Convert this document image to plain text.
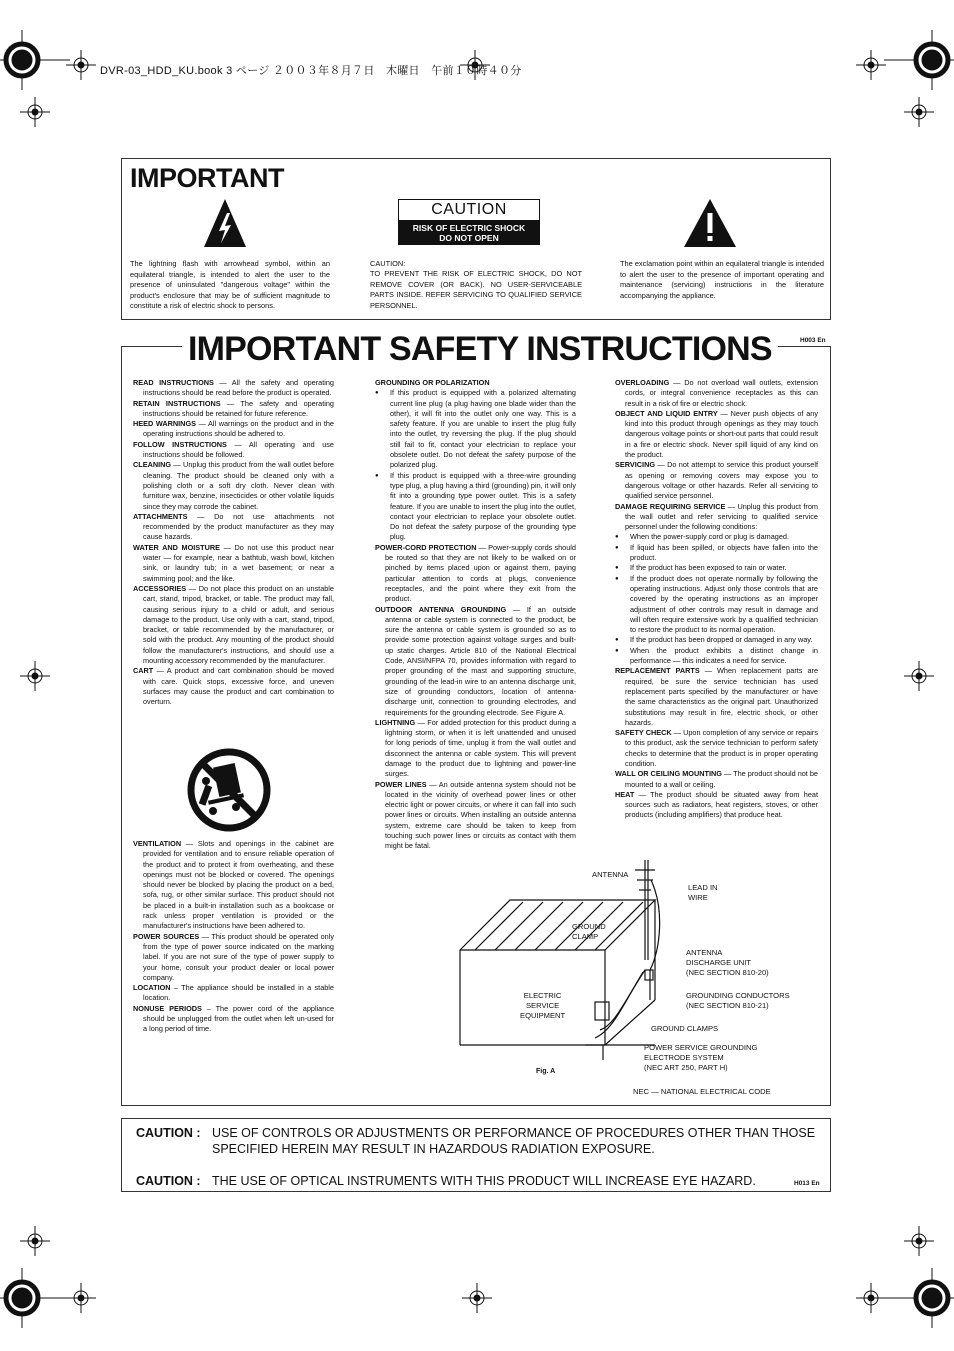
DVR-03_HDD_KU.book 3 ページ ２００３年８月７日　木曜日　午前１０時４０分
IMPORTANT
The lightning flash with arrowhead symbol, within an equilateral triangle, is intended to alert the user to the presence of uninsulated "dangerous voltage" within the product's enclosure that may be of sufficient magnitude to constitute a risk of electric shock to persons.
CAUTION
RISK OF ELECTRIC SHOCK
DO NOT OPEN
CAUTION:
TO PREVENT THE RISK OF ELECTRIC SHOCK, DO NOT REMOVE COVER (OR BACK). NO USER-SERVICEABLE PARTS INSIDE. REFER SERVICING TO QUALIFIED SERVICE PERSONNEL.
The exclamation point within an equilateral triangle is intended to alert the user to the presence of important operating and maintenance (servicing) instructions in the literature accompanying the appliance.
IMPORTANT SAFETY INSTRUCTIONS	H003 En

READ INSTRUCTIONS — All the safety and operating instructions should be read before the product is operated.

RETAIN INSTRUCTIONS — The safety and operating instructions should be retained for future reference.

HEED WARNINGS — All warnings on the product and in the operating instructions should be adhered to.

FOLLOW INSTRUCTIONS — All operating and use instructions should be followed.

CLEANING — Unplug this product from the wall outlet before cleaning. The product should be cleaned only with a polishing cloth or a soft dry cloth. Never clean with furniture wax, benzine, insecticides or other volatile liquids since they may corrode the cabinet.

ATTACHMENTS — Do not use attachments not recommended by the product manufacturer as they may cause hazards.

WATER AND MOISTURE — Do not use this product near water — for example, near a bathtub, wash bowl, kitchen sink, or laundry tub; in a wet basement; or near a swimming pool; and the like.

ACCESSORIES — Do not place this product on an unstable cart, stand, tripod, bracket, or table. The product may fall, causing serious injury to a child or adult, and serious damage to the product. Use only with a cart, stand, tripod, bracket, or table recommended by the manufacturer, or sold with the product. Any mounting of the product should follow the manufacturer's instructions, and should use a mounting accessory recommended by the manufacturer.

CART — A product and cart combination should be moved with care. Quick stops, excessive force, and uneven surfaces may cause the product and cart combination to overturn.

VENTILATION — Slots and openings in the cabinet are provided for ventilation and to ensure reliable operation of the product and to protect it from overheating, and these openings must not be blocked or covered. The openings should never be blocked by placing the product on a bed, sofa, rug, or other similar surface. This product should not be placed in a built-in installation such as a bookcase or rack unless proper ventilation is provided or the manufacturer's instructions have been adhered to.

POWER SOURCES — This product should be operated only from the type of power source indicated on the marking label. If you are not sure of the type of power supply to your home, consult your product dealer or local power company.

LOCATION – The appliance should be installed in a stable location.

NONUSE PERIODS – The power cord of the appliance should be unplugged from the outlet when left un-used for a long period of time.

GROUNDING OR POLARIZATION

● If this product is equipped with a polarized alternating current line plug (a plug having one blade wider than the other), it will fit into the outlet only one way. This is a safety feature. If you are unable to insert the plug fully into the outlet, try reversing the plug. If the plug should still fail to fit, contact your electrician to replace your obsolete outlet. Do not defeat the safety purpose of the polarized plug.

● If this product is equipped with a three-wire grounding type plug, a plug having a third (grounding) pin, it will only fit into a grounding type power outlet. This is a safety feature. If you are unable to insert the plug into the outlet, contact your electrician to replace your obsolete outlet. Do not defeat the safety purpose of the grounding type plug.

POWER-CORD PROTECTION — Power-supply cords should be routed so that they are not likely to be walked on or pinched by items placed upon or against them, paying particular attention to cords at plugs, convenience receptacles, and the point where they exit from the product.

OUTDOOR ANTENNA GROUNDING — If an outside antenna or cable system is connected to the product, be sure the antenna or cable system is grounded so as to provide some protection against voltage surges and built-up static charges. Article 810 of the National Electrical Code, ANSI/NFPA 70, provides information with regard to proper grounding of the mast and supporting structure, grounding of the lead-in wire to an antenna discharge unit, size of grounding conductors, location of antenna-discharge unit, connection to grounding electrodes, and requirements for the grounding electrode. See Figure A.

LIGHTNING — For added protection for this product during a lightning storm, or when it is left unattended and unused for long periods of time, unplug it from the wall outlet and disconnect the antenna or cable system. This will prevent damage to the product due to lightning and power-line surges.

POWER LINES — An outside antenna system should not be located in the vicinity of overhead power lines or other electric light or power circuits, or where it can fall into such power lines or circuits. When installing an outside antenna system, extreme care should be taken to keep from touching such power lines or circuits as contact with them might be fatal.

OVERLOADING — Do not overload wall outlets, extension cords, or integral convenience receptacles as this can result in a risk of fire or electric shock.

OBJECT AND LIQUID ENTRY — Never push objects of any kind into this product through openings as they may touch dangerous voltage points or short-out parts that could result in a fire or electric shock. Never spill liquid of any kind on the product.

SERVICING — Do not attempt to service this product yourself as opening or removing covers may expose you to dangerous voltage or other hazards. Refer all servicing to qualified service personnel.

DAMAGE REQUIRING SERVICE — Unplug this product from the wall outlet and refer servicing to qualified service personnel under the following conditions:

● When the power-supply cord or plug is damaged.

● If liquid has been spilled, or objects have fallen into the product.

● If the product has been exposed to rain or water.

● If the product does not operate normally by following the operating instructions. Adjust only those controls that are covered by the operating instructions as an improper adjustment of other controls may result in damage and will often require extensive work by a qualified technician to restore the product to its normal operation.

● If the product has been dropped or damaged in any way.

● When the product exhibits a distinct change in performance — this indicates a need for service.

REPLACEMENT PARTS — When replacement parts are required, be sure the service technician has used replacement parts specified by the manufacturer or have the same characteristics as the original part. Unauthorized substitutions may result in fire, electric shock, or other hazards.

SAFETY CHECK — Upon completion of any service or repairs to this product, ask the service technician to perform safety checks to determine that the product is in proper operating condition.

WALL OR CEILING MOUNTING — The product should not be mounted to a wall or ceiling.

HEAT — The product should be situated away from heat sources such as radiators, heat registers, stoves, or other products (including amplifiers) that produce heat.

ANTENNA
LEAD IN
WIRE
GROUND
CLAMP
ANTENNA
DISCHARGE UNIT
(NEC SECTION 810-20)
ELECTRIC
SERVICE
EQUIPMENT
GROUNDING CONDUCTORS
(NEC SECTION 810-21)
GROUND CLAMPS
POWER SERVICE GROUNDING
ELECTRODE SYSTEM
(NEC ART 250, PART H)
Fig. A
NEC — NATIONAL ELECTRICAL CODE
CAUTION : USE OF CONTROLS OR ADJUSTMENTS OR PERFORMANCE OF PROCEDURES OTHER THAN THOSE SPECIFIED HEREIN MAY RESULT IN HAZARDOUS RADIATION EXPOSURE.
CAUTION : THE USE OF OPTICAL INSTRUMENTS WITH THIS PRODUCT WILL INCREASE EYE HAZARD.	H013 En
